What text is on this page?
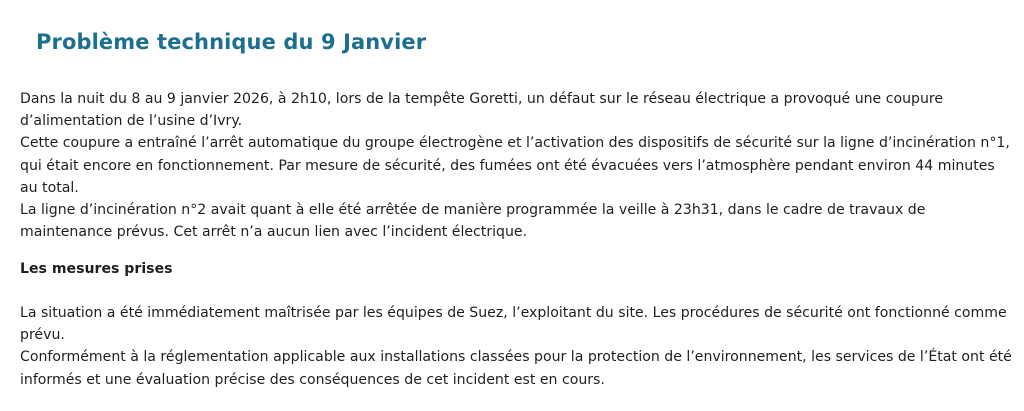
Problème technique du 9 Janvier

Dans la nuit du 8 au 9 janvier 2026, à 2h10, lors de la tempête Goretti, un défaut sur le réseau électrique a provoqué une coupure d’alimentation de l’usine d’Ivry.

Cette coupure a entraîné l’arrêt automatique du groupe électrogène et l’activation des dispositifs de sécurité sur la ligne d’incinération n°1, qui était encore en fonctionnement. Par mesure de sécurité, des fumées ont été évacuées vers l’atmosphère pendant environ 44 minutes au total.

La ligne d’incinération n°2 avait quant à elle été arrêtée de manière programmée la veille à 23h31, dans le cadre de travaux de maintenance prévus. Cet arrêt n’a aucun lien avec l’incident électrique.

Les mesures prises

La situation a été immédiatement maîtrisée par les équipes de Suez, l’exploitant du site. Les procédures de sécurité ont fonctionné comme prévu.

Conformément à la réglementation applicable aux installations classées pour la protection de l’environnement, les services de l’État ont été informés et une évaluation précise des conséquences de cet incident est en cours.
